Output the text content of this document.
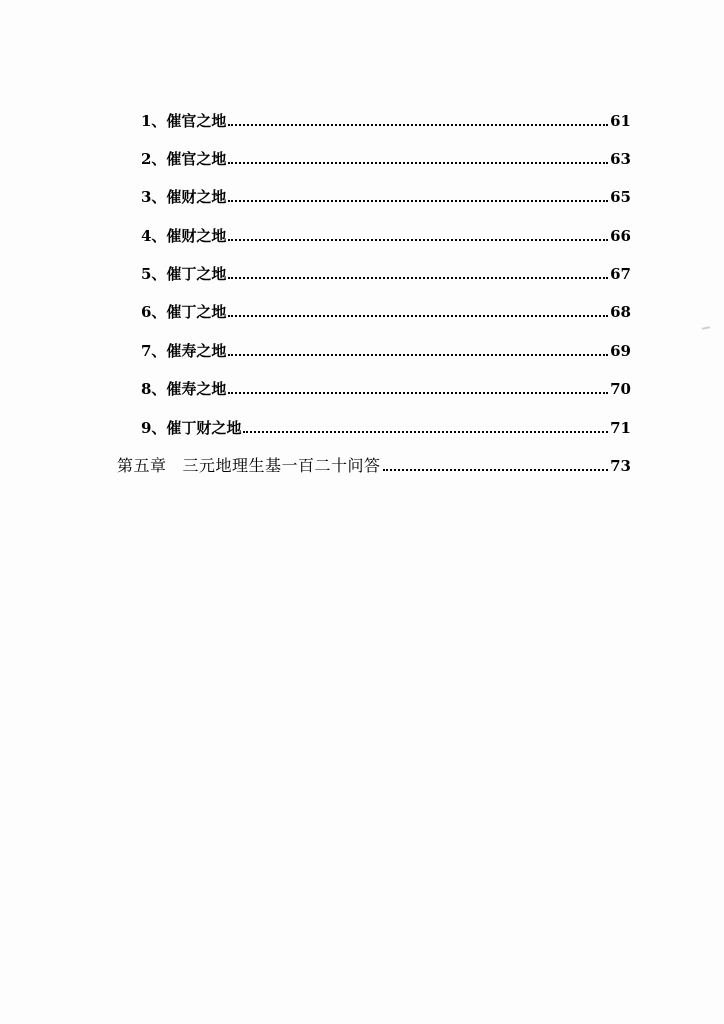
1、催官之地	61
2、催官之地	63
3、催财之地	65
4、催财之地	66
5、催丁之地	67
6、催丁之地	68
7、催寿之地	69
8、催寿之地	70
9、催丁财之地	71
第五章 三元地理生基一百二十问答	73
